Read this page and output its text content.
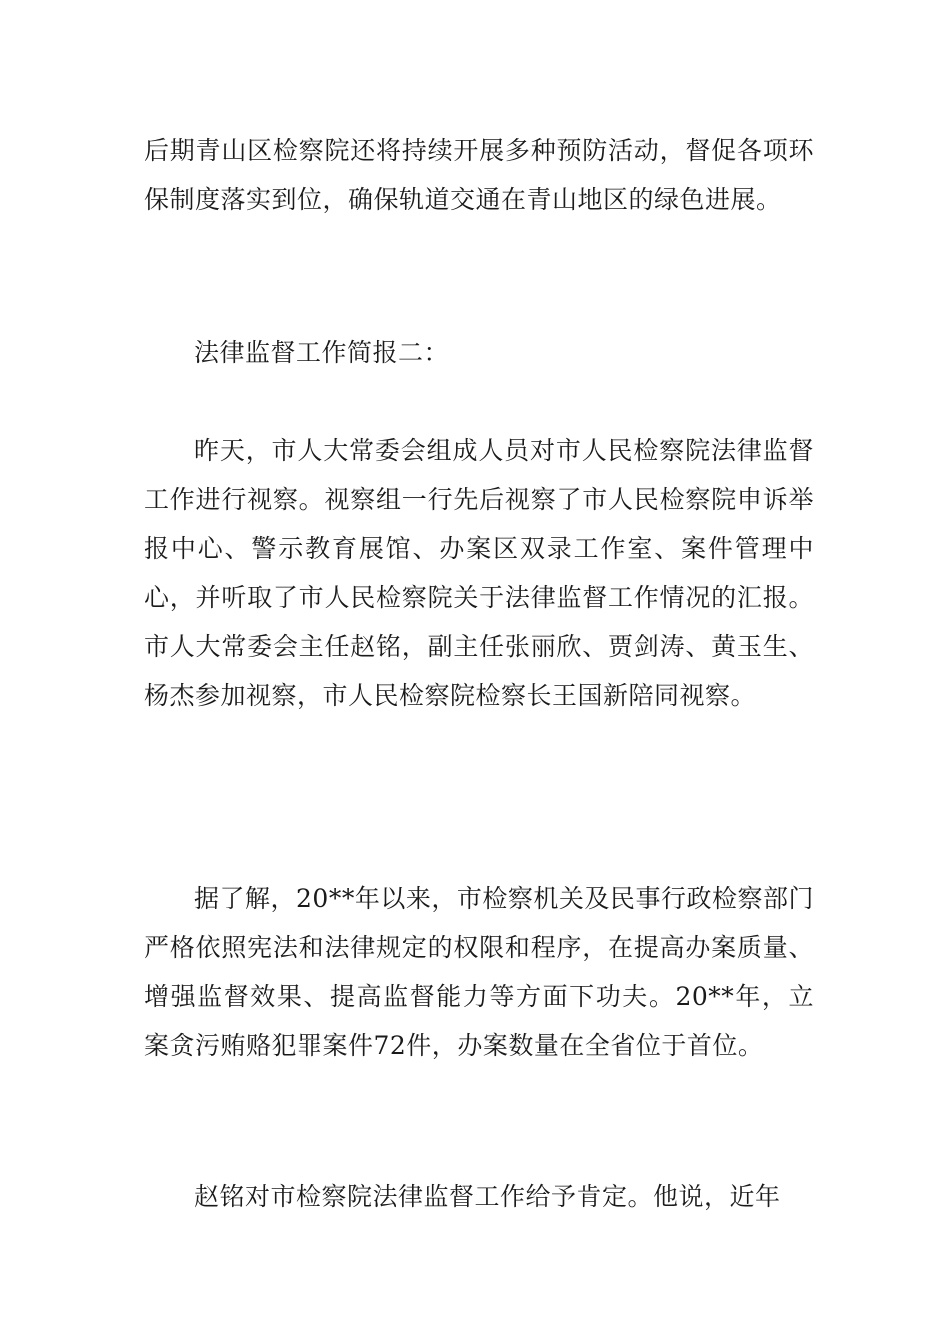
后期青山区检察院还将持续开展多种预防活动，督促各项环保制度落实到位，确保轨道交通在青山地区的绿色进展。

法律监督工作简报二：

昨天，市人大常委会组成人员对市人民检察院法律监督工作进行视察。视察组一行先后视察了市人民检察院申诉举报中心、警示教育展馆、办案区双录工作室、案件管理中心，并听取了市人民检察院关于法律监督工作情况的汇报。市人大常委会主任赵铭，副主任张丽欣、贾剑涛、黄玉生、杨杰参加视察，市人民检察院检察长王国新陪同视察。

据了解，20**年以来，市检察机关及民事行政检察部门严格依照宪法和法律规定的权限和程序，在提高办案质量、增强监督效果、提高监督能力等方面下功夫。20**年，立案贪污贿赂犯罪案件72件，办案数量在全省位于首位。

赵铭对市检察院法律监督工作给予肯定。他说，近年
